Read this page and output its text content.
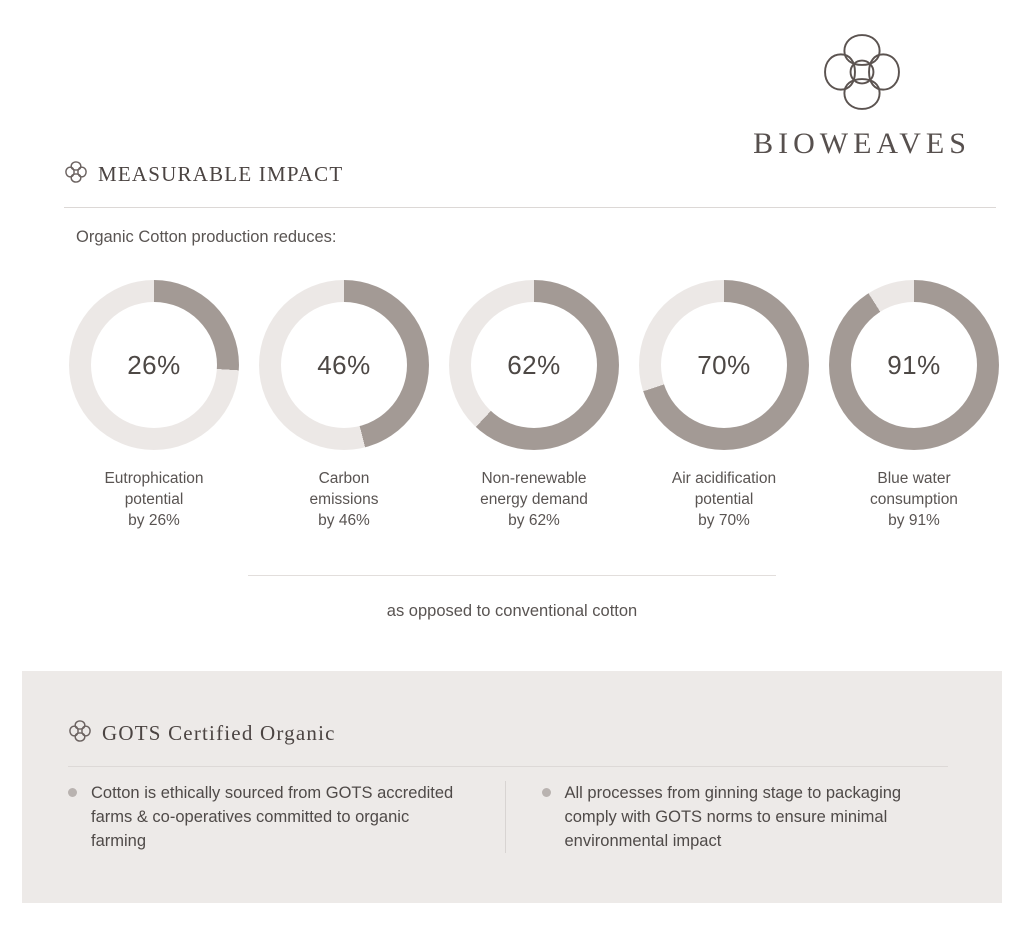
BIOWEAVES
MEASURABLE IMPACT
Organic Cotton production reduces:
26%
Eutrophication
potential
by 26%
46%
Carbon
emissions
by 46%
62%
Non-renewable
energy demand
by 62%
70%
Air acidification
potential
by 70%
91%
Blue water
consumption
by 91%
as opposed to conventional cotton
GOTS Certified Organic
Cotton is ethically sourced from GOTS accredited farms & co-operatives committed to organic farming
All processes from ginning stage to packaging comply with GOTS norms to ensure minimal environmental impact
